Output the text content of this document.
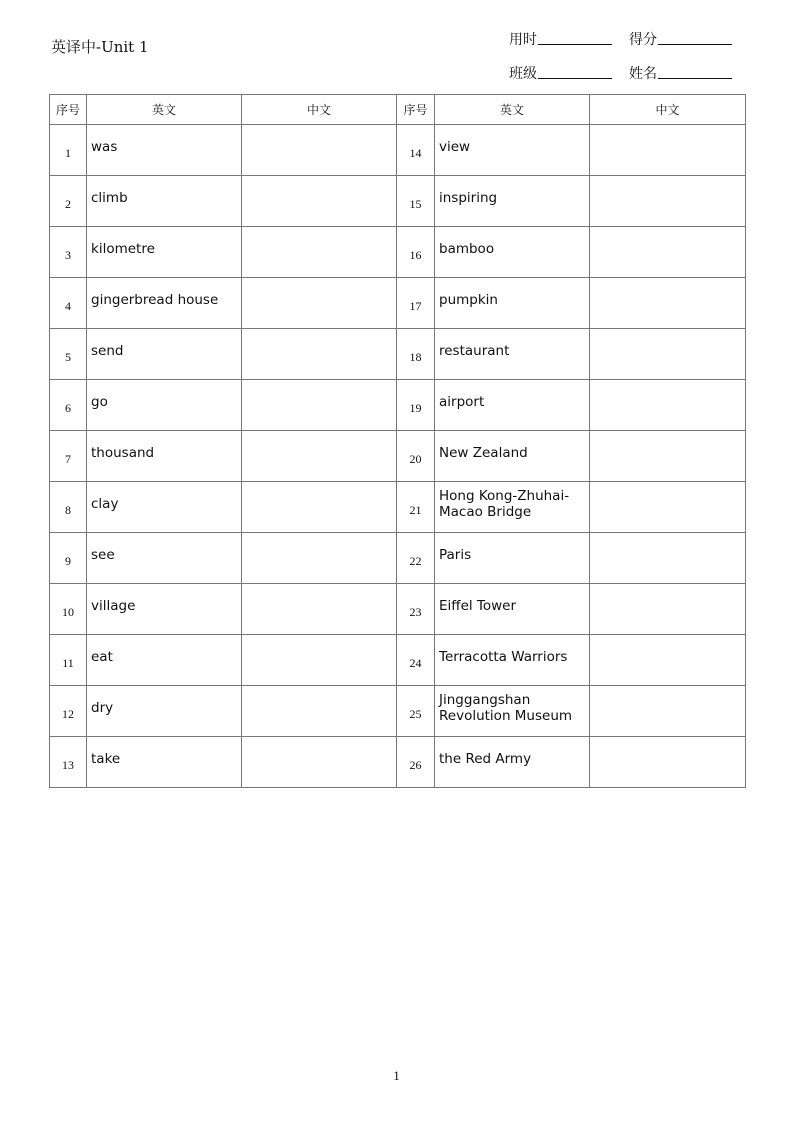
英译中-Unit 1	用时	得分
班级	姓名
序号	英文	中文	序号	英文	中文
1	was		14	view	
2	climb		15	inspiring	
3	kilometre		16	bamboo	
4	gingerbread house		17	pumpkin	
5	send		18	restaurant	
6	go		19	airport	
7	thousand		20	New Zealand	
8	clay		21	Hong Kong-Zhuhai-Macao Bridge	
9	see		22	Paris	
10	village		23	Eiffel Tower	
11	eat		24	Terracotta Warriors	
12	dry		25	Jinggangshan Revolution Museum	
13	take		26	the Red Army	
1
